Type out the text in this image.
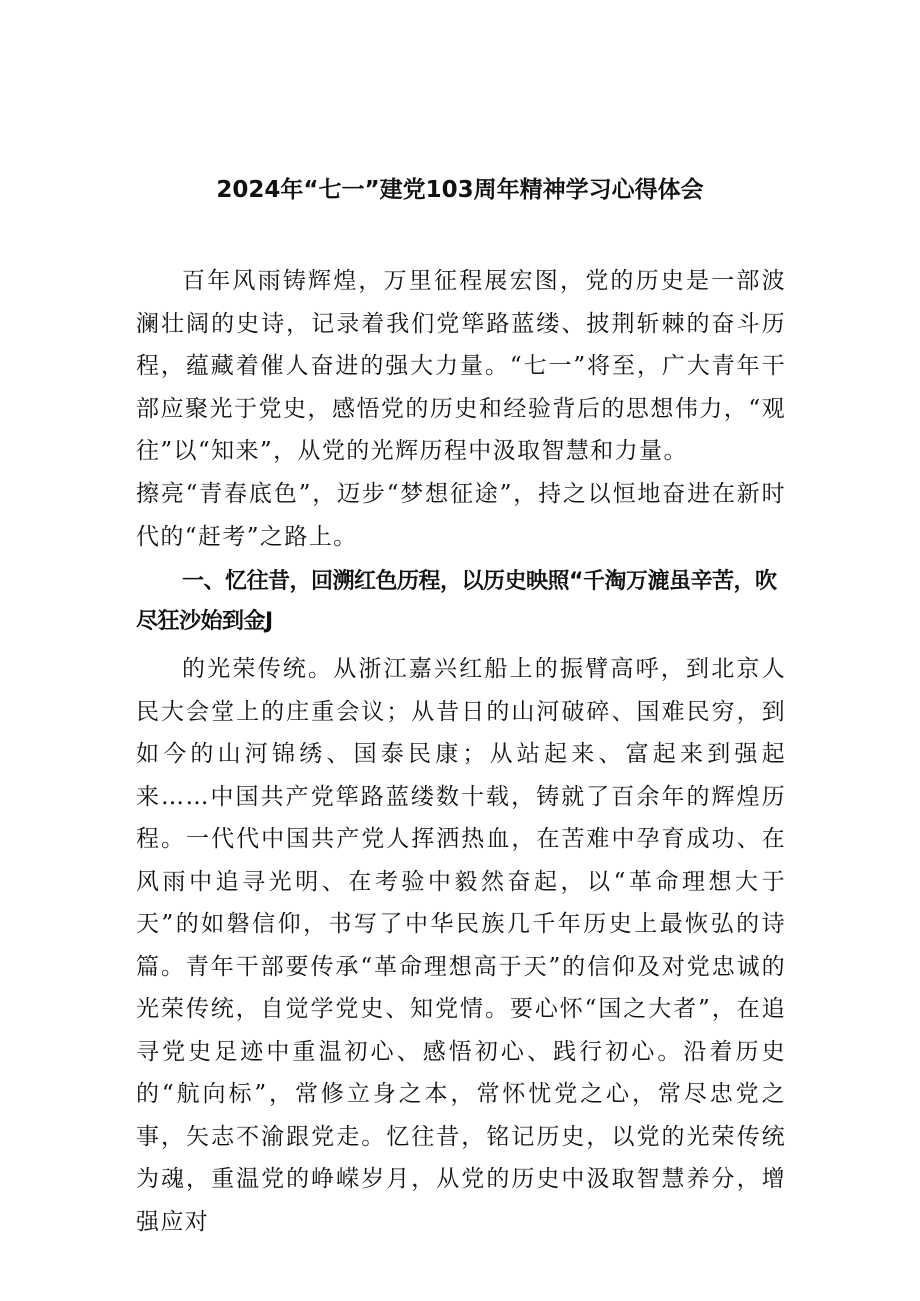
2024年“七一”建党103周年精神学习心得体会

百年风雨铸辉煌，万里征程展宏图，党的历史是一部波澜壮阔的史诗，记录着我们党筚路蓝缕、披荆斩棘的奋斗历程，蕴藏着催人奋进的强大力量。“七一”将至，广大青年干部应聚光于党史，感悟党的历史和经验背后的思想伟力，“观往”以“知来”，从党的光辉历程中汲取智慧和力量。

擦亮“青春底色”，迈步“梦想征途”，持之以恒地奋进在新时代的“赶考”之路上。

一、忆往昔，回溯红色历程，以历史映照“千淘万漉虽辛苦，吹尽狂沙始到金J

的光荣传统。从浙江嘉兴红船上的振臂高呼，到北京人民大会堂上的庄重会议；从昔日的山河破碎、国难民穷，到如今的山河锦绣、国泰民康；从站起来、富起来到强起来……中国共产党筚路蓝缕数十载，铸就了百余年的辉煌历程。一代代中国共产党人挥洒热血，在苦难中孕育成功、在风雨中追寻光明、在考验中毅然奋起，以“革命理想大于天”的如磐信仰，书写了中华民族几千年历史上最恢弘的诗篇。青年干部要传承“革命理想高于天”的信仰及对党忠诚的光荣传统，自觉学党史、知党情。要心怀“国之大者”，在追寻党史足迹中重温初心、感悟初心、践行初心。沿着历史的“航向标”，常修立身之本，常怀忧党之心，常尽忠党之事，矢志不渝跟党走。忆往昔，铭记历史，以党的光荣传统为魂，重温党的峥嵘岁月，从党的历史中汲取智慧养分，增强应对
